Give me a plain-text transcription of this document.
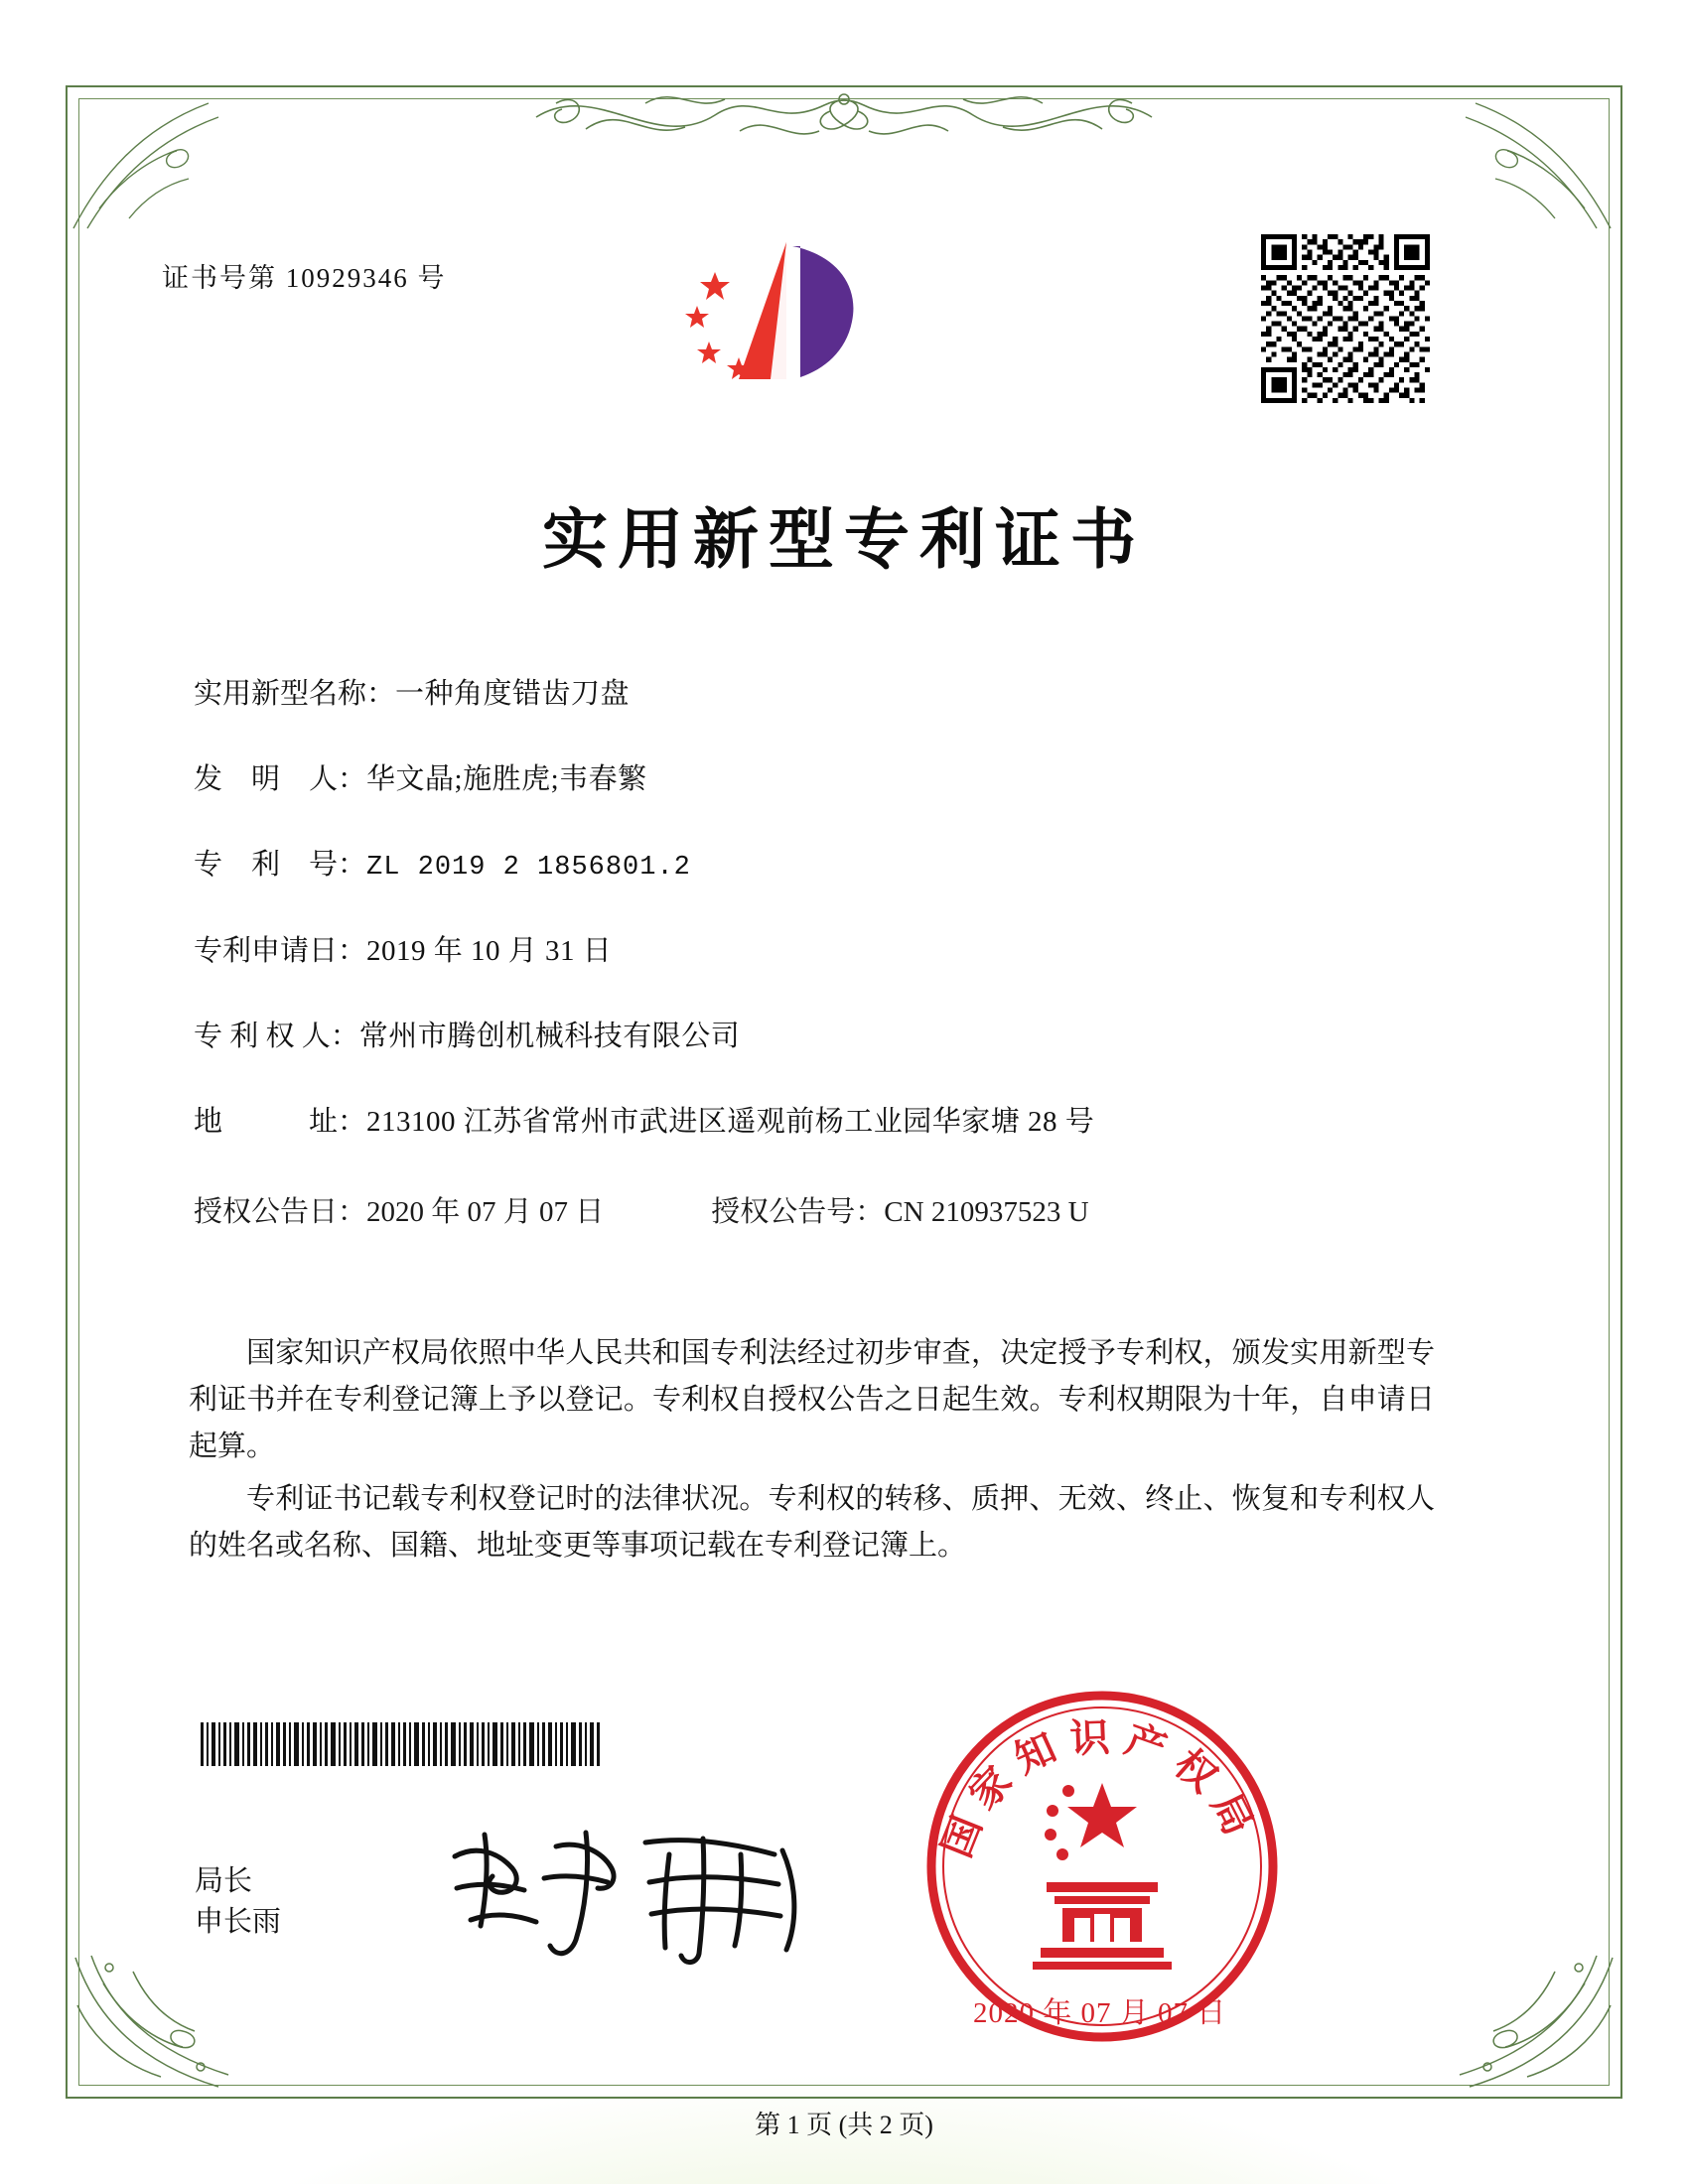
证书号第 10929346 号
实用新型专利证书
实用新型名称： 一种角度错齿刀盘
发　明　人： 华文晶;施胜虎;韦春繁
专　利　号： ZL 2019 2 1856801.2
专利申请日： 2019 年 10 月 31 日
专 利 权 人： 常州市腾创机械科技有限公司
地　　　址： 213100 江苏省常州市武进区遥观前杨工业园华家塘 28 号
授权公告日： 2020 年 07 月 07 日	授权公告号： CN 210937523 U

国家知识产权局依照中华人民共和国专利法经过初步审查，决定授予专利权，颁发实用新型专利证书并在专利登记簿上予以登记。专利权自授权公告之日起生效。专利权期限为十年，自申请日起算。

专利证书记载专利权登记时的法律状况。专利权的转移、质押、无效、终止、恢复和专利权人的姓名或名称、国籍、地址变更等事项记载在专利登记簿上。

局长
申长雨
国家知识产权局
2020 年 07 月 07 日
第 1 页 (共 2 页)
